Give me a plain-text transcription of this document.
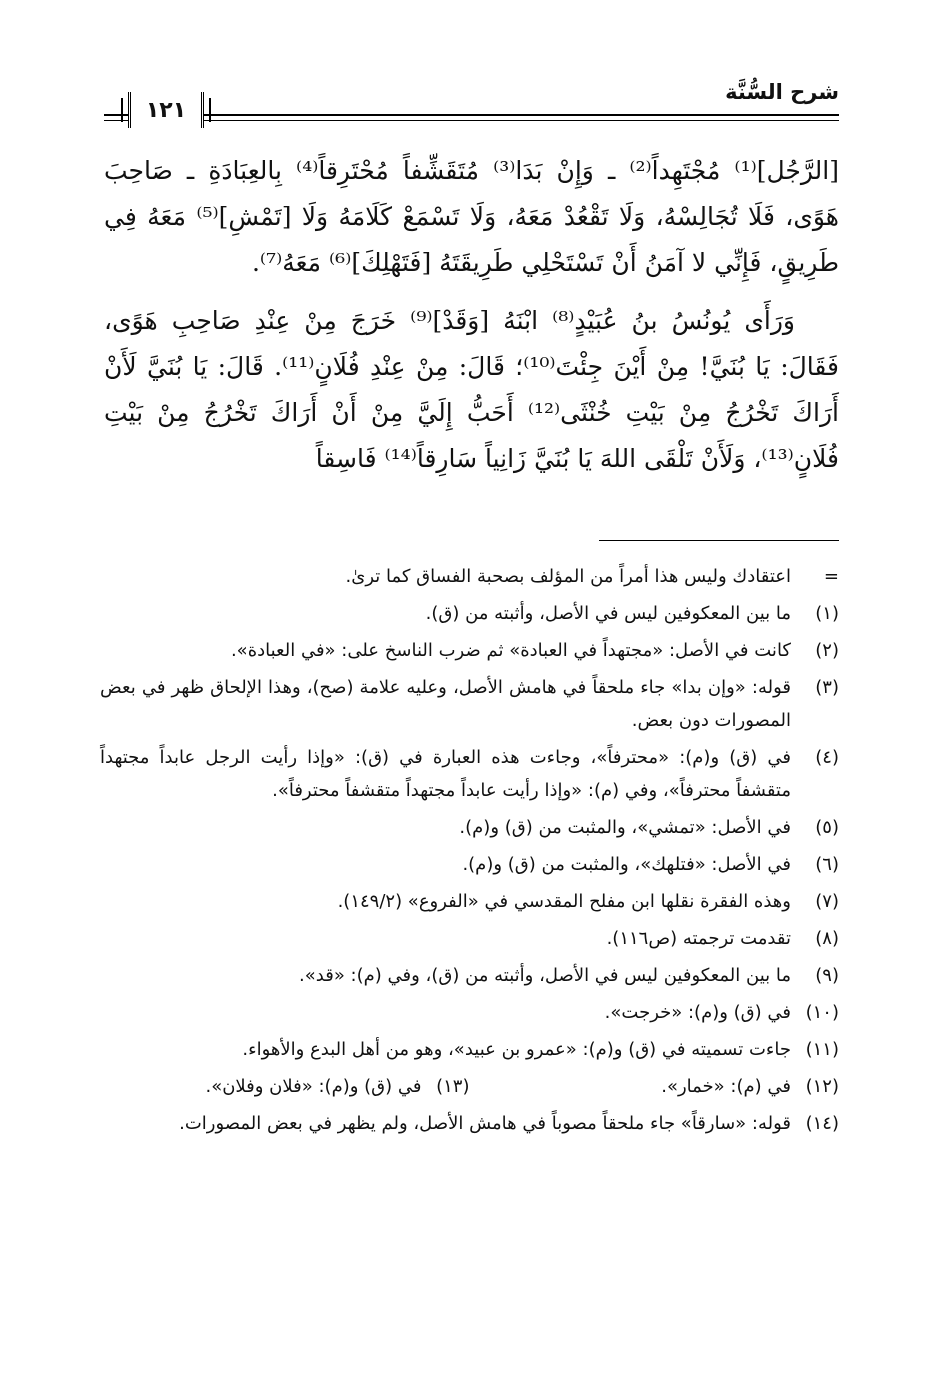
شرح السُّنَّة
١٢١

[الرَّجُل]⁽¹⁾ مُجْتَهِداً⁽²⁾ ـ وَإِنْ بَدَا⁽³⁾ مُتَقَشِّفاً مُحْتَرِقاً⁽⁴⁾ بِالعِبَادَةِ ـ صَاحِبَ هَوًى، فَلَا تُجَالِسْهُ، وَلَا تَقْعُدْ مَعَهُ، وَلَا تَسْمَعْ كَلَامَهُ وَلَا [تَمْشِ]⁽⁵⁾ مَعَهُ فِي طَرِيقٍ، فَإِنِّي لا آمَنُ أَنْ تَسْتَحْلِي طَرِيقَتَهُ [فَتَهْلِكَ]⁽⁶⁾ مَعَهُ⁽⁷⁾.

وَرَأَى يُونُسُ بنُ عُبَيْدٍ⁽⁸⁾ ابْنَهُ [وَقَدْ]⁽⁹⁾ خَرَجَ مِنْ عِنْدِ صَاحِبِ هَوًى، فَقَالَ: يَا بُنَيَّ! مِنْ أَيْنَ جِئْتَ⁽¹⁰⁾؛ قَالَ: مِنْ عِنْدِ فُلَانٍ⁽¹¹⁾. قَالَ: يَا بُنَيَّ لَأَنْ أَرَاكَ تَخْرُجُ مِنْ بَيْتِ خُنْثَى⁽¹²⁾ أَحَبُّ إِلَيَّ مِنْ أَنْ أَرَاكَ تَخْرُجُ مِنْ بَيْتِ فُلَانٍ⁽¹³⁾، وَلَأَنْ تَلْقَى اللهَ يَا بُنَيَّ زَانِياً سَارِقاً⁽¹⁴⁾ فَاسِقاً

=
اعتقادك وليس هذا أمراً من المؤلف بصحبة الفساق كما ترىٰ.
(١)
ما بين المعكوفين ليس في الأصل، وأثبته من (ق).
(٢)
كانت في الأصل: «مجتهداً في العبادة» ثم ضرب الناسخ على: «في العبادة».
(٣)
قوله: «وإن بدا» جاء ملحقاً في هامش الأصل، وعليه علامة (صح)، وهذا الإلحاق ظهر في بعض المصورات دون بعض.
(٤)
في (ق) و(م): «محترفاً»، وجاءت هذه العبارة في (ق): «وإذا رأيت الرجل عابداً مجتهداً متقشفاً محترفاً»، وفي (م): «وإذا رأيت عابداً مجتهداً متقشفاً محترفاً».
(٥)
في الأصل: «تمشي»، والمثبت من (ق) و(م).
(٦)
في الأصل: «فتلهك»، والمثبت من (ق) و(م).
(٧)
وهذه الفقرة نقلها ابن مفلح المقدسي في «الفروع» (١٤٩/٢).
(٨)
تقدمت ترجمته (ص١١٦).
(٩)
ما بين المعكوفين ليس في الأصل، وأثبته من (ق)، وفي (م): «قد».
(١٠)
في (ق) و(م): «خرجت».
(١١)
جاءت تسميته في (ق) و(م): «عمرو بن عبيد»، وهو من أهل البدع والأهواء.
(١٢)
في (م): «خمار».
(١٣)
في (ق) و(م): «فلان وفلان».
(١٤)
قوله: «سارقاً» جاء ملحقاً مصوباً في هامش الأصل، ولم يظهر في بعض المصورات.
